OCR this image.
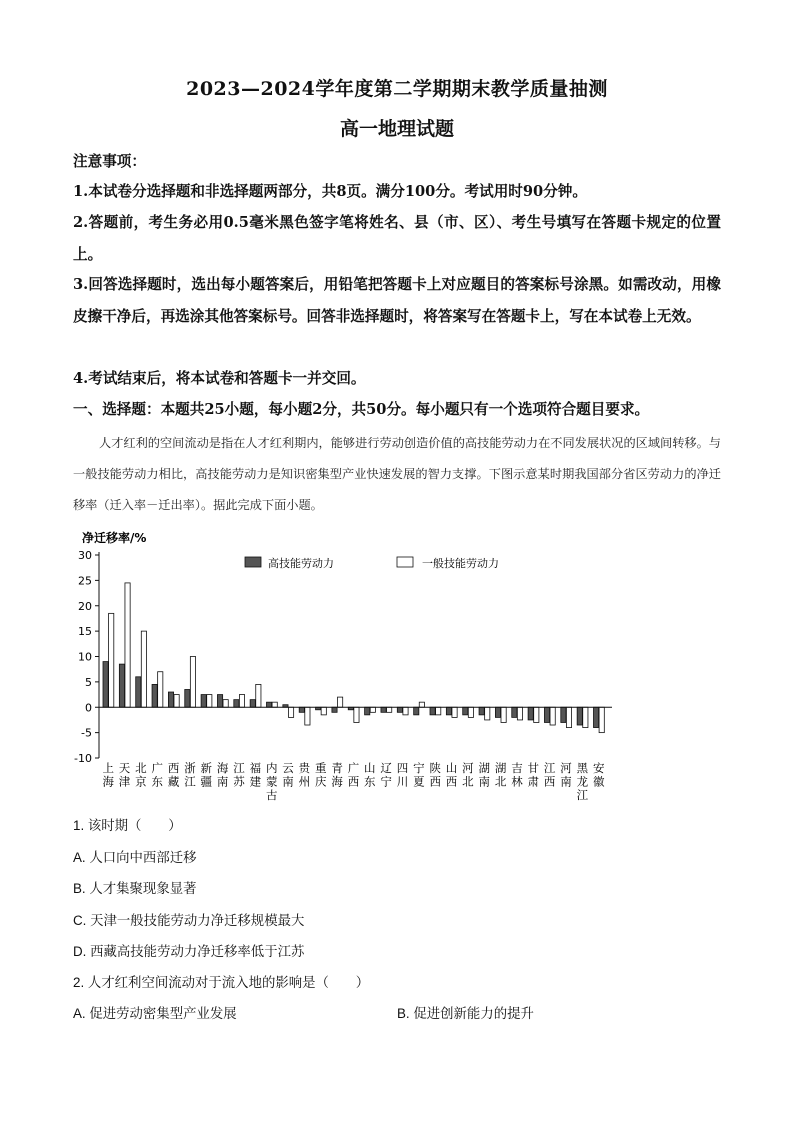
2023—2024学年度第二学期期末教学质量抽测
高一地理试题
注意事项：
1.本试卷分选择题和非选择题两部分，共8页。满分100分。考试用时90分钟。
2.答题前，考生务必用0.5毫米黑色签字笔将姓名、县（市、区）、考生号填写在答题卡规定的位置上。
3.回答选择题时，选出每小题答案后，用铅笔把答题卡上对应题目的答案标号涂黑。如需改动，用橡皮擦干净后，再选涂其他答案标号。回答非选择题时，将答案写在答题卡上，写在本试卷上无效。
4.考试结束后，将本试卷和答题卡一并交回。
一、选择题：本题共25小题，每小题2分，共50分。每小题只有一个选项符合题目要求。
人才红利的空间流动是指在人才红利期内，能够进行劳动创造价值的高技能劳动力在不同发展状况的区域间转移。与一般技能劳动力相比，高技能劳动力是知识密集型产业快速发展的智力支撑。下图示意某时期我国部分省区劳动力的净迁移率（迁入率－迁出率）。据此完成下面小题。
净迁移率/%
30
25
20
15
10
5
0
-5
-10
上海
天津
北京
广东
西藏
浙江
新疆
海南
江苏
福建
内蒙古
云南
贵州
重庆
青海
广西
山东
辽宁
四川
宁夏
陕西
山西
河北
湖南
湖北
吉林
甘肃
江西
河南
黑龙江
安徽
高技能劳动力	一般技能劳动力
1. 该时期（　　）
A. 人口向中西部迁移
B. 人才集聚现象显著
C. 天津一般技能劳动力净迁移规模最大
D. 西藏高技能劳动力净迁移率低于江苏
2. 人才红利空间流动对于流入地的影响是（　　）
A. 促进劳动密集型产业发展	B. 促进创新能力的提升
